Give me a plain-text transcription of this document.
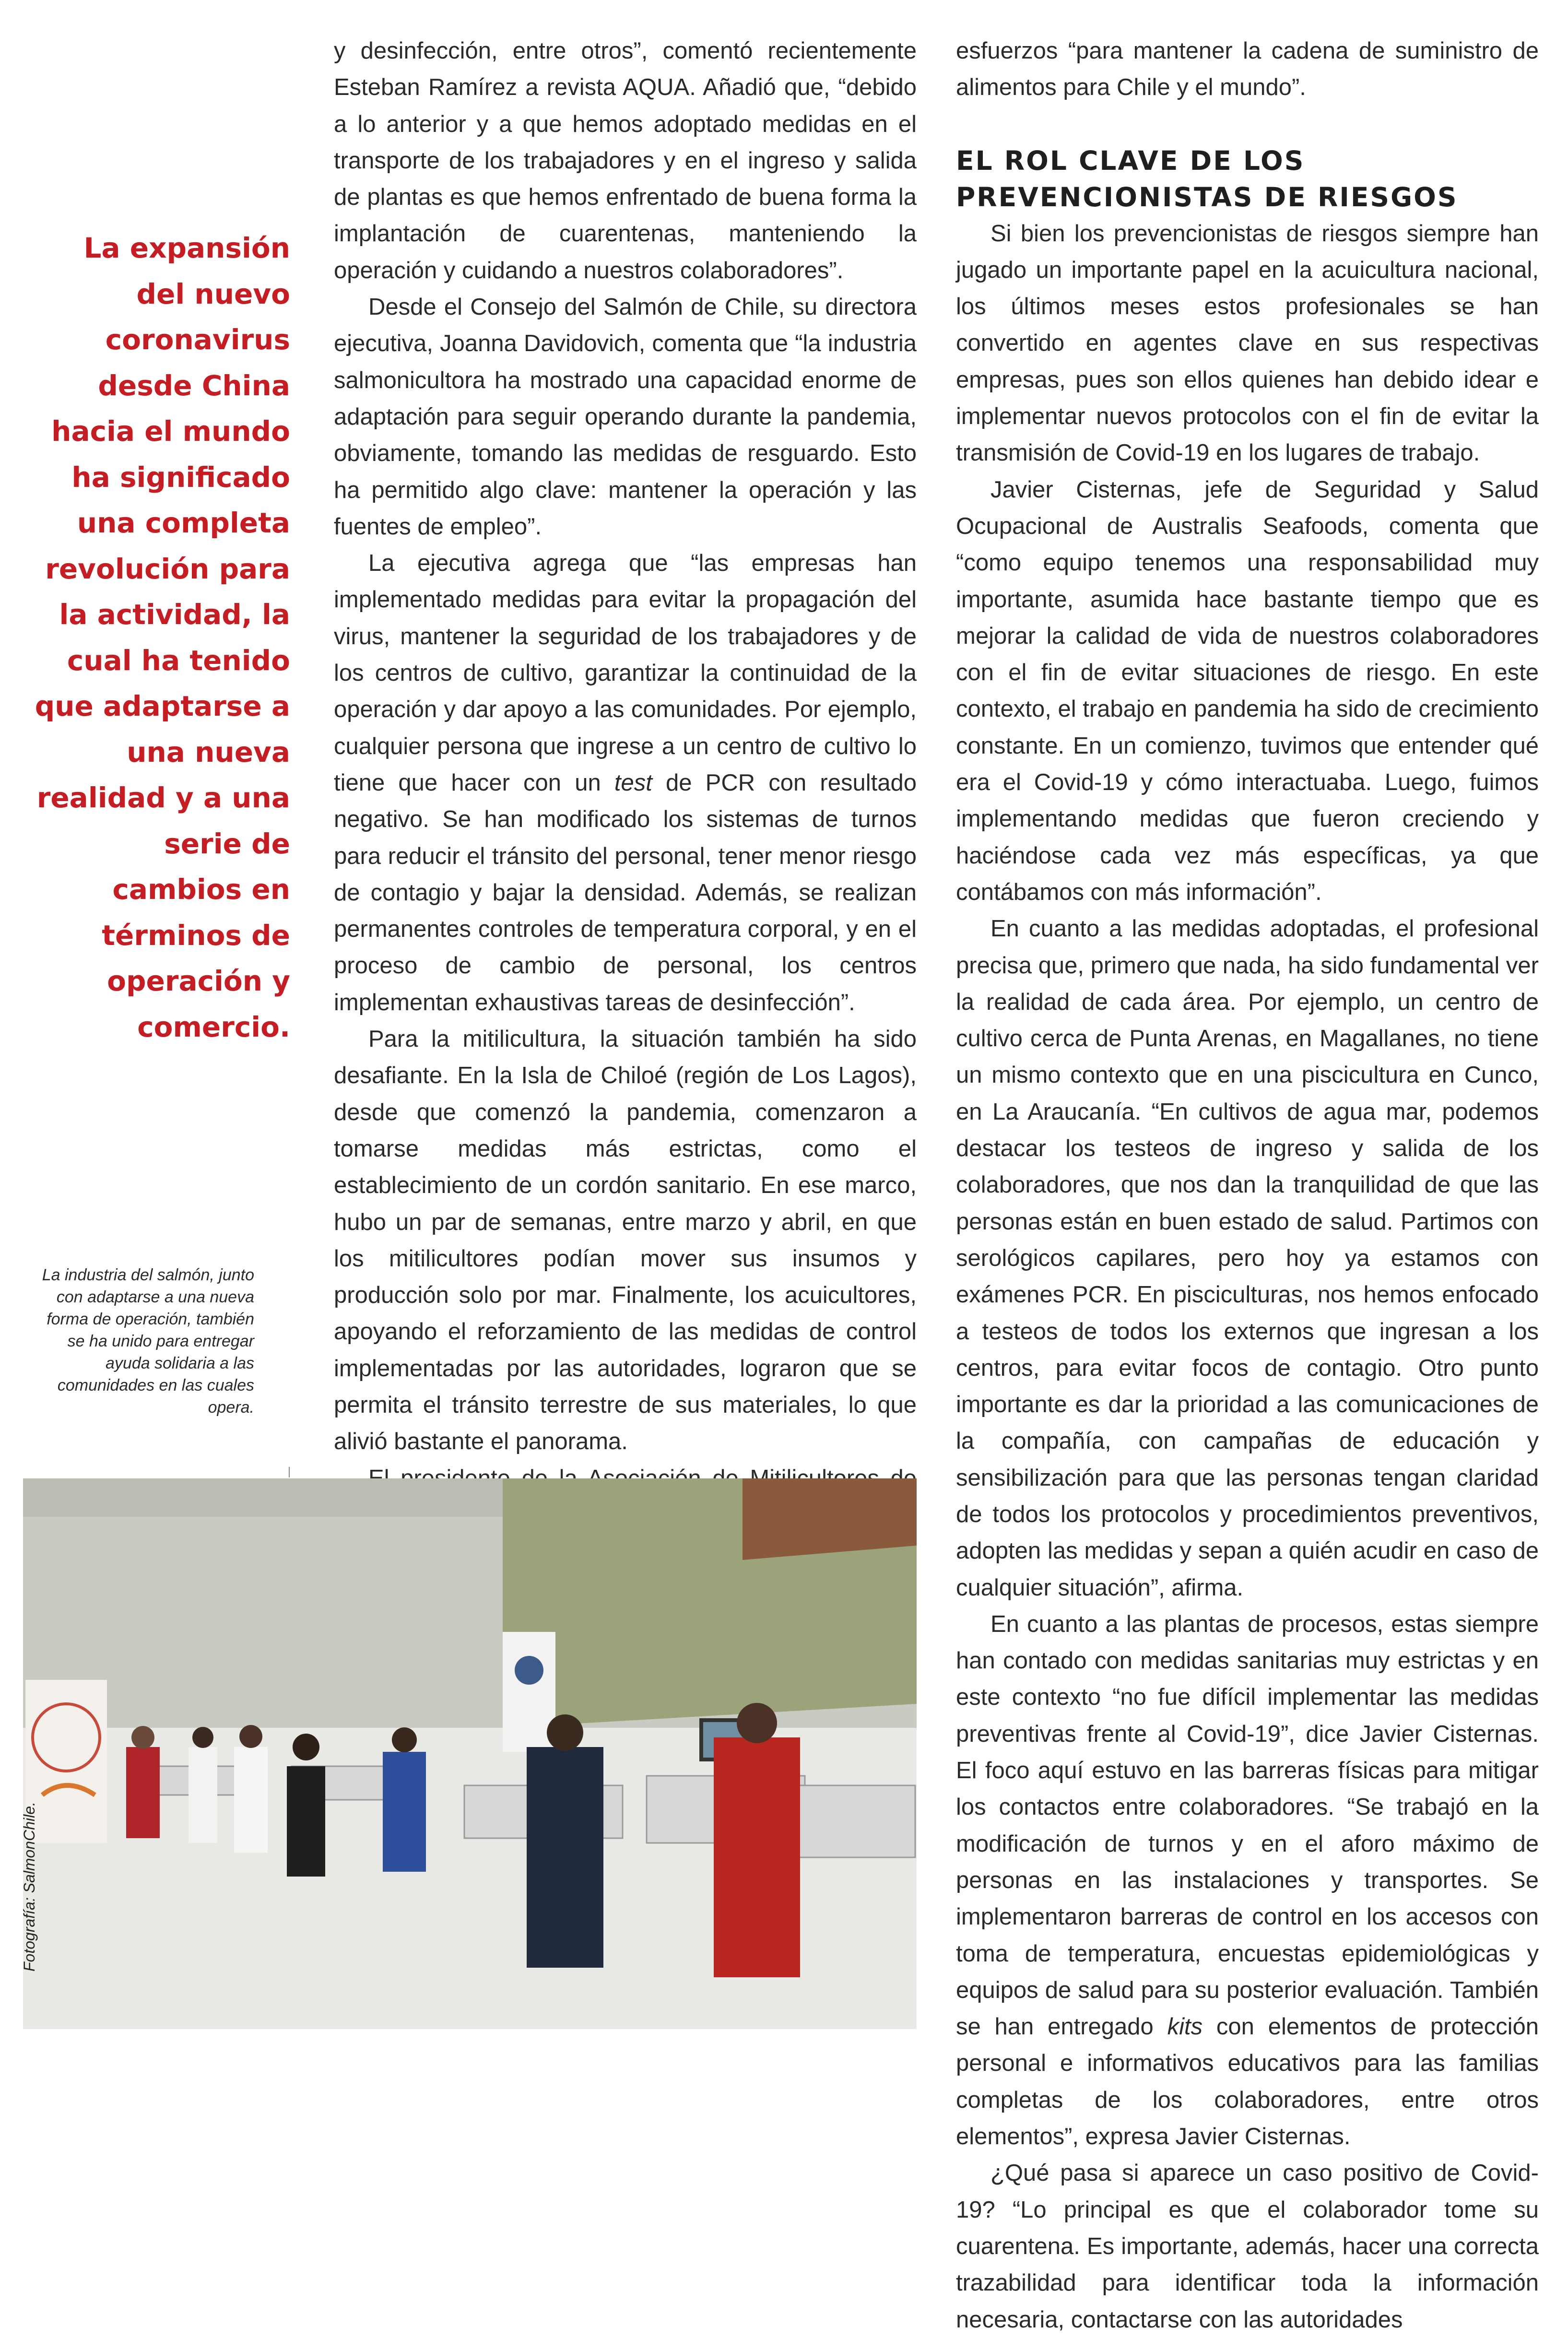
La expansión del nuevo coronavirus desde China hacia el mundo ha significado una completa revolución para la actividad, la cual ha tenido que adaptarse a una nueva realidad y a una serie de cambios en términos de operación y comercio.

La industria del salmón, junto con adaptarse a una nueva forma de operación, también se ha unido para entregar ayuda solidaria a las comunidades en las cuales opera.

y desinfección, entre otros”, comentó recientemente Esteban Ramírez a revista AQUA. Añadió que, “debido a lo anterior y a que hemos adoptado medidas en el transporte de los trabajadores y en el ingreso y salida de plantas es que hemos enfrentado de buena forma la implantación de cuarentenas, manteniendo la operación y cuidando a nuestros colaboradores”.

Desde el Consejo del Salmón de Chile, su directora ejecutiva, Joanna Davidovich, comenta que “la industria salmonicultora ha mostrado una capacidad enorme de adaptación para seguir operando durante la pandemia, obviamente, tomando las medidas de resguardo. Esto ha permitido algo clave: mantener la operación y las fuentes de empleo”.

La ejecutiva agrega que “las empresas han implementado medidas para evitar la propagación del virus, mantener la seguridad de los trabajadores y de los centros de cultivo, garantizar la continuidad de la operación y dar apoyo a las comunidades. Por ejemplo, cualquier persona que ingrese a un centro de cultivo lo tiene que hacer con un test de PCR con resultado negativo. Se han modificado los sistemas de turnos para reducir el tránsito del personal, tener menor riesgo de contagio y bajar la densidad. Además, se realizan permanentes controles de temperatura corporal, y en el proceso de cambio de personal, los centros implementan exhaustivas tareas de desinfección”.

Para la mitilicultura, la situación también ha sido desafiante. En la Isla de Chiloé (región de Los Lagos), desde que comenzó la pandemia, comenzaron a tomarse medidas más estrictas, como el establecimiento de un cordón sanitario. En ese marco, hubo un par de semanas, entre marzo y abril, en que los mitilicultores podían mover sus insumos y producción solo por mar. Finalmente, los acuicultores, apoyando el reforzamiento de las medidas de control implementadas por las autoridades, lograron que se permita el tránsito terrestre de sus materiales, lo que alivió bastante el panorama.

esfuerzos “para mantener la cadena de suministro de alimentos para Chile y el mundo”.

EL ROL CLAVE DE LOS PREVENCIONISTAS DE RIESGOS

Si bien los prevencionistas de riesgos siempre han jugado un importante papel en la acuicultura nacional, los últimos meses estos profesionales se han convertido en agentes clave en sus respectivas empresas, pues son ellos quienes han debido idear e implementar nuevos protocolos con el fin de evitar la transmisión de Covid-19 en los lugares de trabajo.

Javier Cisternas, jefe de Seguridad y Salud Ocupacional de Australis Seafoods, comenta que “como equipo tenemos una responsabilidad muy importante, asumida hace bastante tiempo que es mejorar la calidad de vida de nuestros colaboradores con el fin de evitar situaciones de riesgo. En este contexto, el trabajo en pandemia ha sido de crecimiento constante. En un comienzo, tuvimos que entender qué era el Covid-19 y cómo interactuaba. Luego, fuimos implementando medidas que fueron creciendo y haciéndose cada vez más específicas, ya que contábamos con más información”.

En cuanto a las medidas adoptadas, el profesional precisa que, primero que nada, ha sido fundamental ver la realidad de cada área. Por ejemplo, un centro de cultivo cerca de Punta Arenas, en Magallanes, no tiene un mismo contexto que en una piscicultura en Cunco, en La Araucanía. “En cultivos de agua mar, podemos destacar los testeos de ingreso y salida de los colaboradores, que nos dan la tranquilidad de que las personas están en buen estado de salud. Partimos con serológicos capilares, pero hoy ya estamos con exámenes PCR. En pisciculturas, nos hemos enfocado a testeos de todos los externos que ingresan a los centros, para evitar focos de contagio. Otro punto importante es dar la prioridad a las comunicaciones de la compañía, con campañas de educación y sensibilización para que las personas tengan claridad de todos los protocolos y procedimientos preventivos, adopten las medidas y sepan a quién acudir en caso de cualquier situación”, afirma.

En cuanto a las plantas de procesos, estas siempre han contado con medidas sanitarias muy estrictas y en este contexto “no fue difícil implementar las medidas preventivas frente al Covid-19”, dice Javier Cisternas. El foco aquí estuvo en las barreras físicas para mitigar los contactos entre colaboradores. “Se trabajó en la modificación de turnos y en el aforo máximo de personas en las instalaciones y transportes. Se implementaron barreras de control en los accesos con toma de temperatura, encuestas epidemiológicas y equipos de salud para su posterior evaluación. También se han entregado kits con elementos de protección personal e informativos educativos para las familias completas de los colaboradores, entre otros elementos”, expresa Javier Cisternas.

¿Qué pasa si aparece un caso positivo de Covid-19? “Lo principal es que el colaborador tome su cuarentena. Es importante, además, hacer una correcta trazabilidad para identificar toda la información necesaria, contactarse con las autoridades

Fotografía: SalmonChile.
